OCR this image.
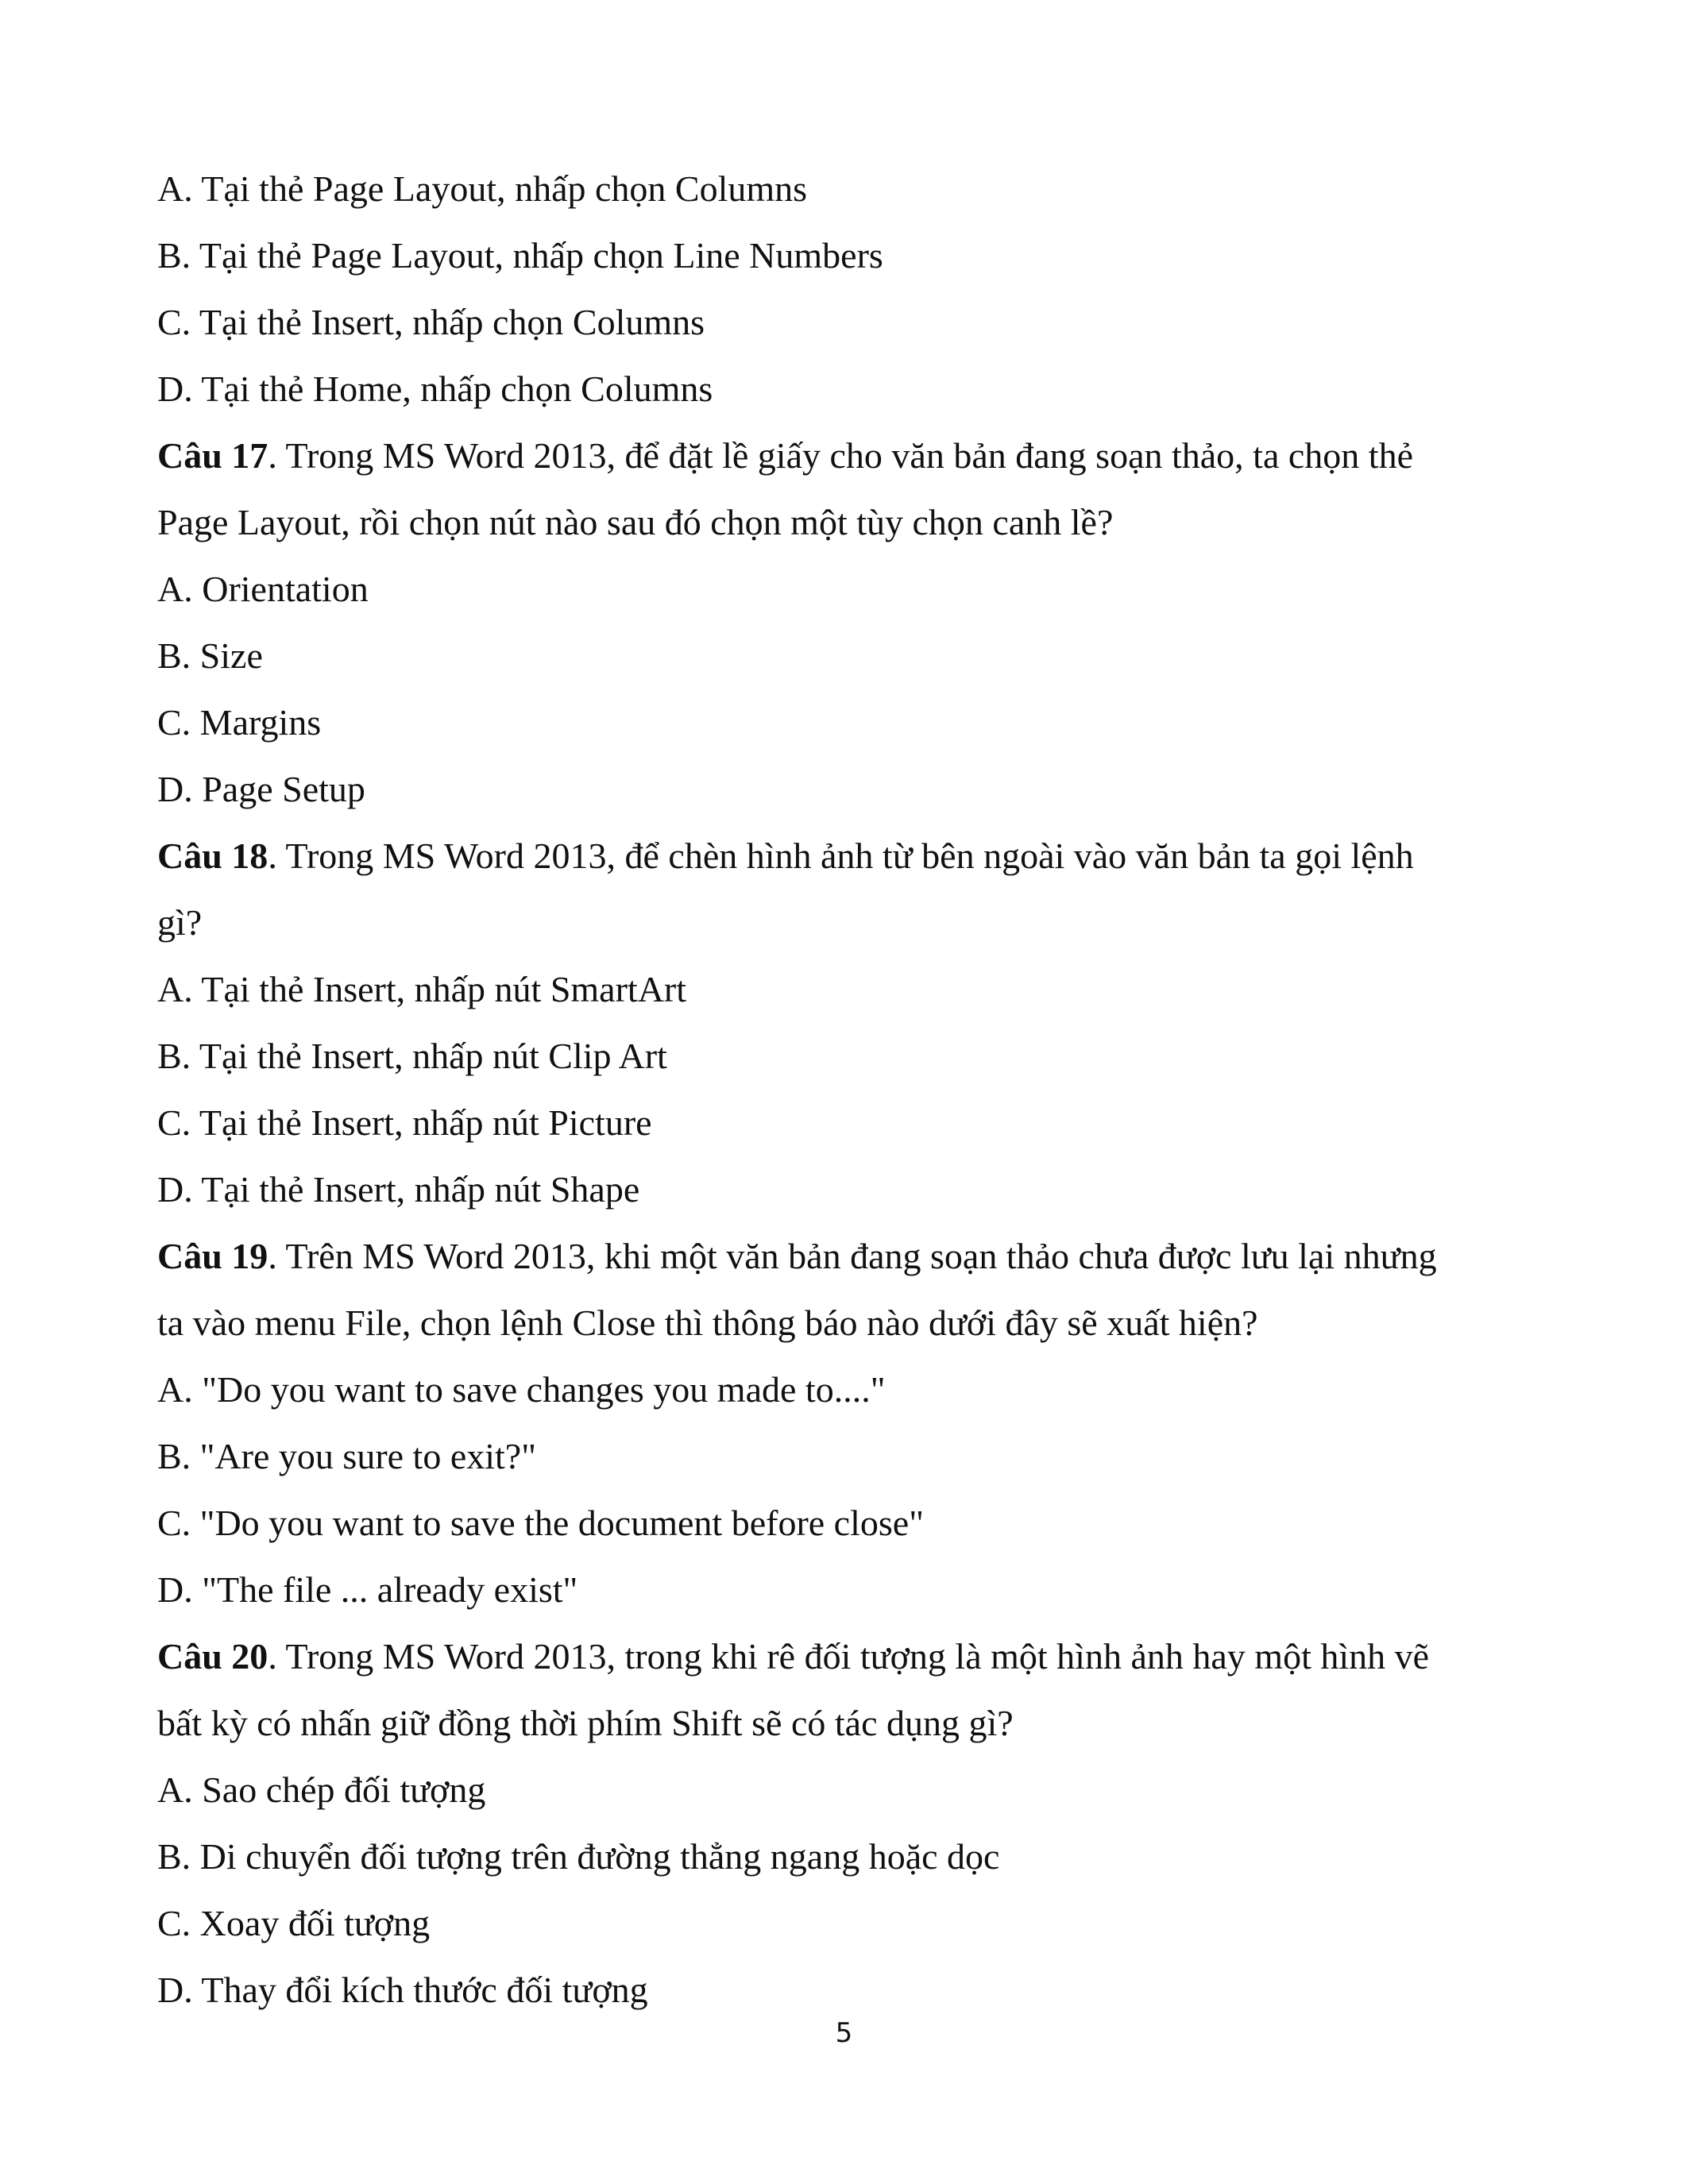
A. Tại thẻ Page Layout, nhấp chọn Columns
B. Tại thẻ Page Layout, nhấp chọn Line Numbers
C. Tại thẻ Insert, nhấp chọn Columns
D. Tại thẻ Home, nhấp chọn Columns
Câu 17. Trong MS Word 2013, để đặt lề giấy cho văn bản đang soạn thảo, ta chọn thẻ
Page Layout, rồi chọn nút nào sau đó chọn một tùy chọn canh lề?
A. Orientation
B. Size
C. Margins
D. Page Setup
Câu 18. Trong MS Word 2013, để chèn hình ảnh từ bên ngoài vào văn bản ta gọi lệnh
gì?
A. Tại thẻ Insert, nhấp nút SmartArt
B. Tại thẻ Insert, nhấp nút Clip Art
C. Tại thẻ Insert, nhấp nút Picture
D. Tại thẻ Insert, nhấp nút Shape
Câu 19. Trên MS Word 2013, khi một văn bản đang soạn thảo chưa được lưu lại nhưng
ta vào menu File, chọn lệnh Close thì thông báo nào dưới đây sẽ xuất hiện?
A. "Do you want to save changes you made to...."
B. "Are you sure to exit?"
C. "Do you want to save the document before close"
D. "The file ... already exist"
Câu 20. Trong MS Word 2013, trong khi rê đối tượng là một hình ảnh hay một hình vẽ
bất kỳ có nhấn giữ đồng thời phím Shift sẽ có tác dụng gì?
A. Sao chép đối tượng
B. Di chuyển đối tượng trên đường thẳng ngang hoặc dọc
C. Xoay đối tượng
D. Thay đổi kích thước đối tượng
5
